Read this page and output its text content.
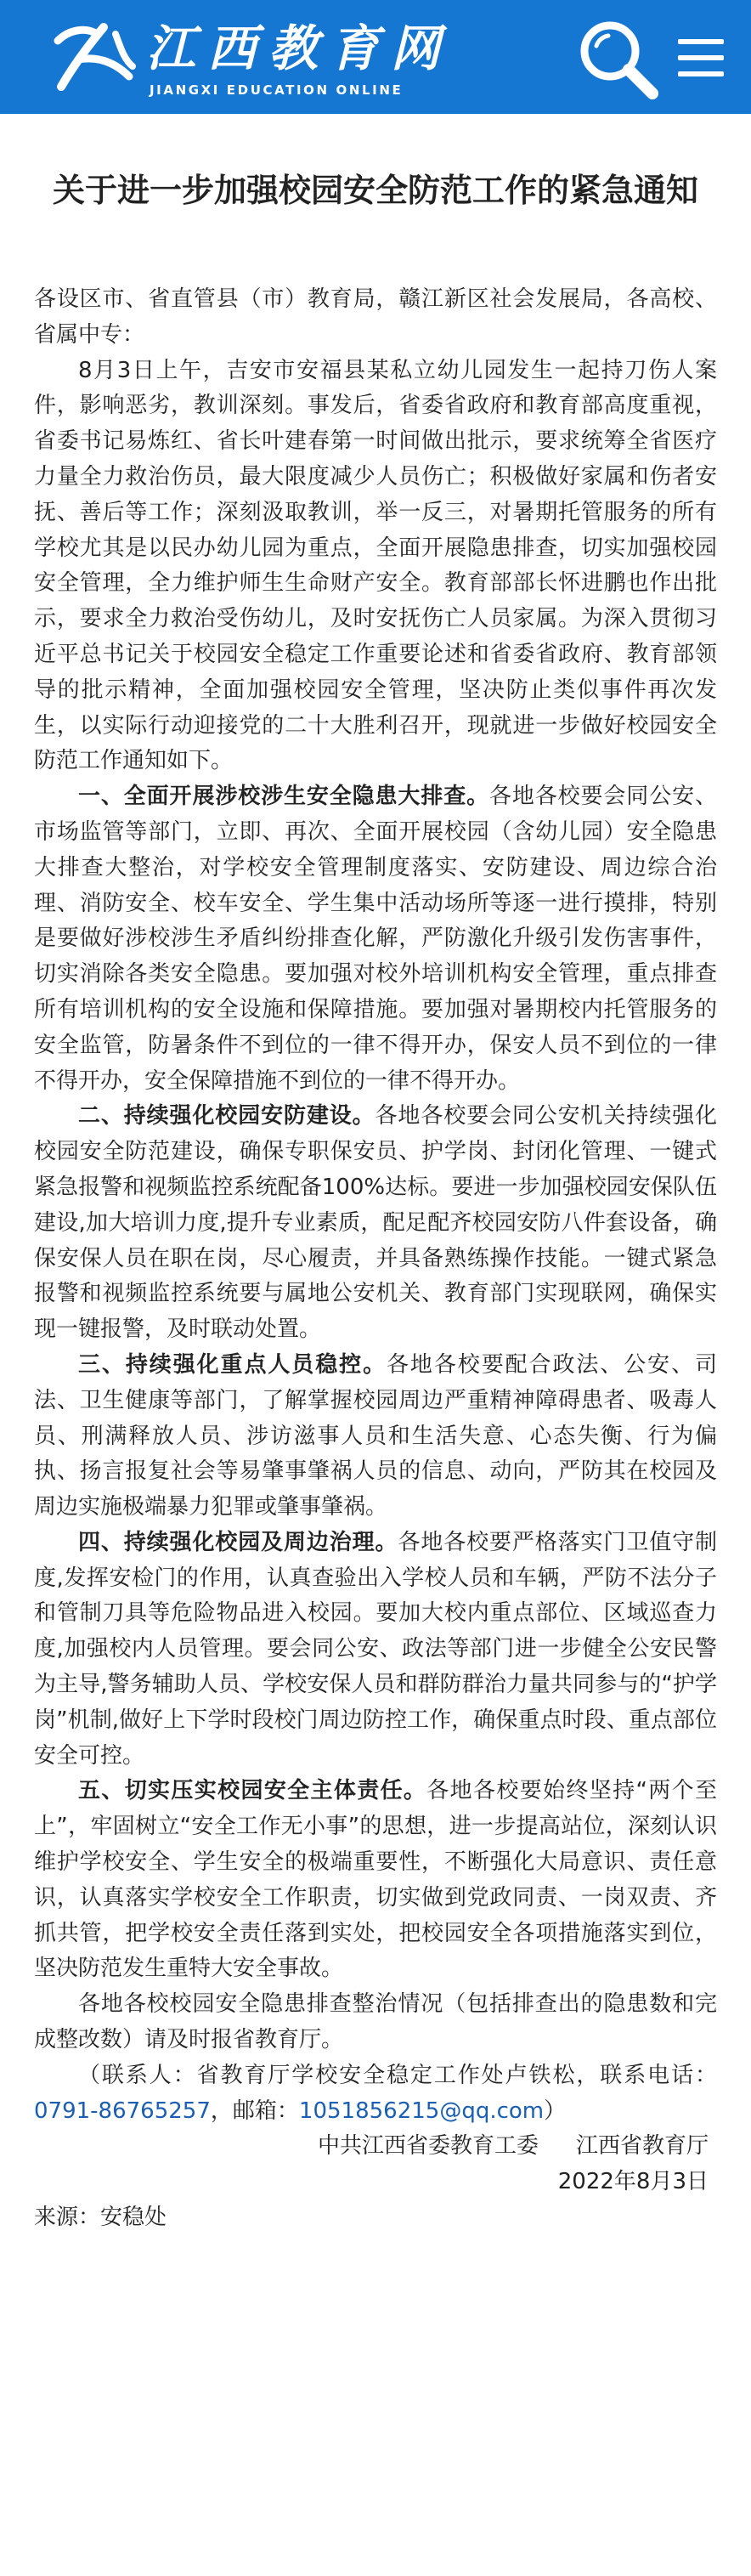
江西教育网
JIANGXI EDUCATION ONLINE
关于进一步加强校园安全防范工作的紧急通知

各设区市、省直管县（市）教育局，赣江新区社会发展局，各高校、省属中专：

8月3日上午，吉安市安福县某私立幼儿园发生一起持刀伤人案件，影响恶劣，教训深刻。事发后，省委省政府和教育部高度重视，省委书记易炼红、省长叶建春第一时间做出批示，要求统筹全省医疗力量全力救治伤员，最大限度减少人员伤亡；积极做好家属和伤者安抚、善后等工作；深刻汲取教训，举一反三，对暑期托管服务的所有学校尤其是以民办幼儿园为重点，全面开展隐患排查，切实加强校园安全管理，全力维护师生生命财产安全。教育部部长怀进鹏也作出批示，要求全力救治受伤幼儿，及时安抚伤亡人员家属。为深入贯彻习近平总书记关于校园安全稳定工作重要论述和省委省政府、教育部领导的批示精神，全面加强校园安全管理，坚决防止类似事件再次发生，以实际行动迎接党的二十大胜利召开，现就进一步做好校园安全防范工作通知如下。

一、全面开展涉校涉生安全隐患大排查。各地各校要会同公安、市场监管等部门，立即、再次、全面开展校园（含幼儿园）安全隐患大排查大整治，对学校安全管理制度落实、安防建设、周边综合治理、消防安全、校车安全、学生集中活动场所等逐一进行摸排，特别是要做好涉校涉生矛盾纠纷排查化解，严防激化升级引发伤害事件，切实消除各类安全隐患。要加强对校外培训机构安全管理，重点排查所有培训机构的安全设施和保障措施。要加强对暑期校内托管服务的安全监管，防暑条件不到位的一律不得开办，保安人员不到位的一律不得开办，安全保障措施不到位的一律不得开办。

二、持续强化校园安防建设。各地各校要会同公安机关持续强化校园安全防范建设，确保专职保安员、护学岗、封闭化管理、一键式紧急报警和视频监控系统配备100%达标。要进一步加强校园安保队伍建设,加大培训力度,提升专业素质，配足配齐校园安防八件套设备，确保安保人员在职在岗，尽心履责，并具备熟练操作技能。一键式紧急报警和视频监控系统要与属地公安机关、教育部门实现联网，确保实现一键报警，及时联动处置。

三、持续强化重点人员稳控。各地各校要配合政法、公安、司法、卫生健康等部门，了解掌握校园周边严重精神障碍患者、吸毒人员、刑满释放人员、涉访滋事人员和生活失意、心态失衡、行为偏执、扬言报复社会等易肇事肇祸人员的信息、动向，严防其在校园及周边实施极端暴力犯罪或肇事肇祸。

四、持续强化校园及周边治理。各地各校要严格落实门卫值守制度,发挥安检门的作用，认真查验出入学校人员和车辆，严防不法分子和管制刀具等危险物品进入校园。要加大校内重点部位、区域巡查力度,加强校内人员管理。要会同公安、政法等部门进一步健全公安民警为主导,警务辅助人员、学校安保人员和群防群治力量共同参与的“护学岗”机制,做好上下学时段校门周边防控工作，确保重点时段、重点部位安全可控。

五、切实压实校园安全主体责任。各地各校要始终坚持“两个至上”，牢固树立“安全工作无小事”的思想，进一步提高站位，深刻认识维护学校安全、学生安全的极端重要性，不断强化大局意识、责任意识，认真落实学校安全工作职责，切实做到党政同责、一岗双责、齐抓共管，把学校安全责任落到实处，把校园安全各项措施落实到位，坚决防范发生重特大安全事故。

各地各校校园安全隐患排查整治情况（包括排查出的隐患数和完成整改数）请及时报省教育厅。

（联系人：省教育厅学校安全稳定工作处卢铁松，联系电话：0791-86765257，邮箱：1051856215@qq.com）

中共江西省委教育工委 江西省教育厅

2022年8月3日

来源：安稳处
